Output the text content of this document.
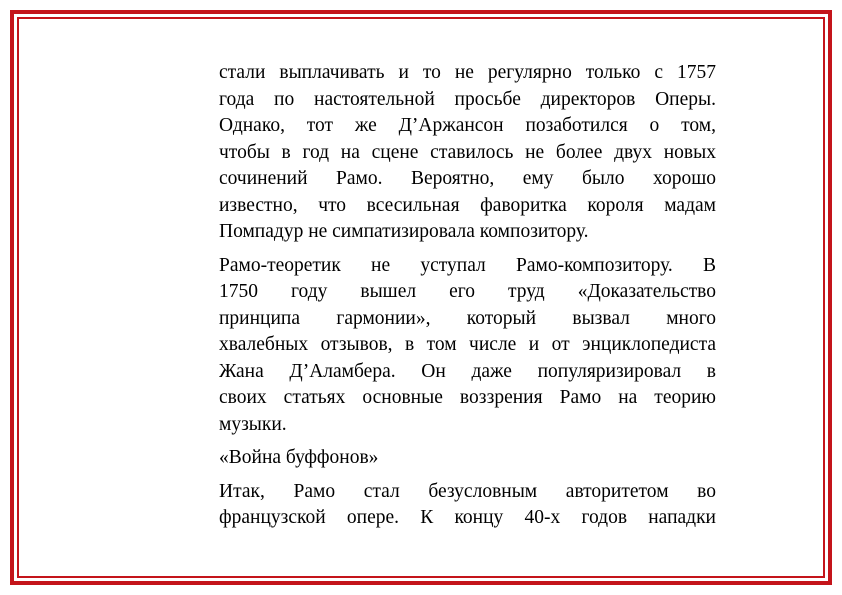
стали выплачивать и то не регулярно только с 1757
года по настоятельной просьбе директоров Оперы.
Однако, тот же Д’Аржансон позаботился о том,
чтобы в год на сцене ставилось не более двух новых
сочинений Рамо. Вероятно, ему было хорошо
известно, что всесильная фаворитка короля мадам
Помпадур не симпатизировала композитору.
Рамо-теоретик не уступал Рамо-композитору. В
1750 году вышел его труд «Доказательство
принципа гармонии», который вызвал много
хвалебных отзывов, в том числе и от энциклопедиста
Жана Д’Аламбера. Он даже популяризировал в
своих статьях основные воззрения Рамо на теорию
музыки.
«Война буффонов»
Итак, Рамо стал безусловным авторитетом во
французской опере. К концу 40-х годов нападки
